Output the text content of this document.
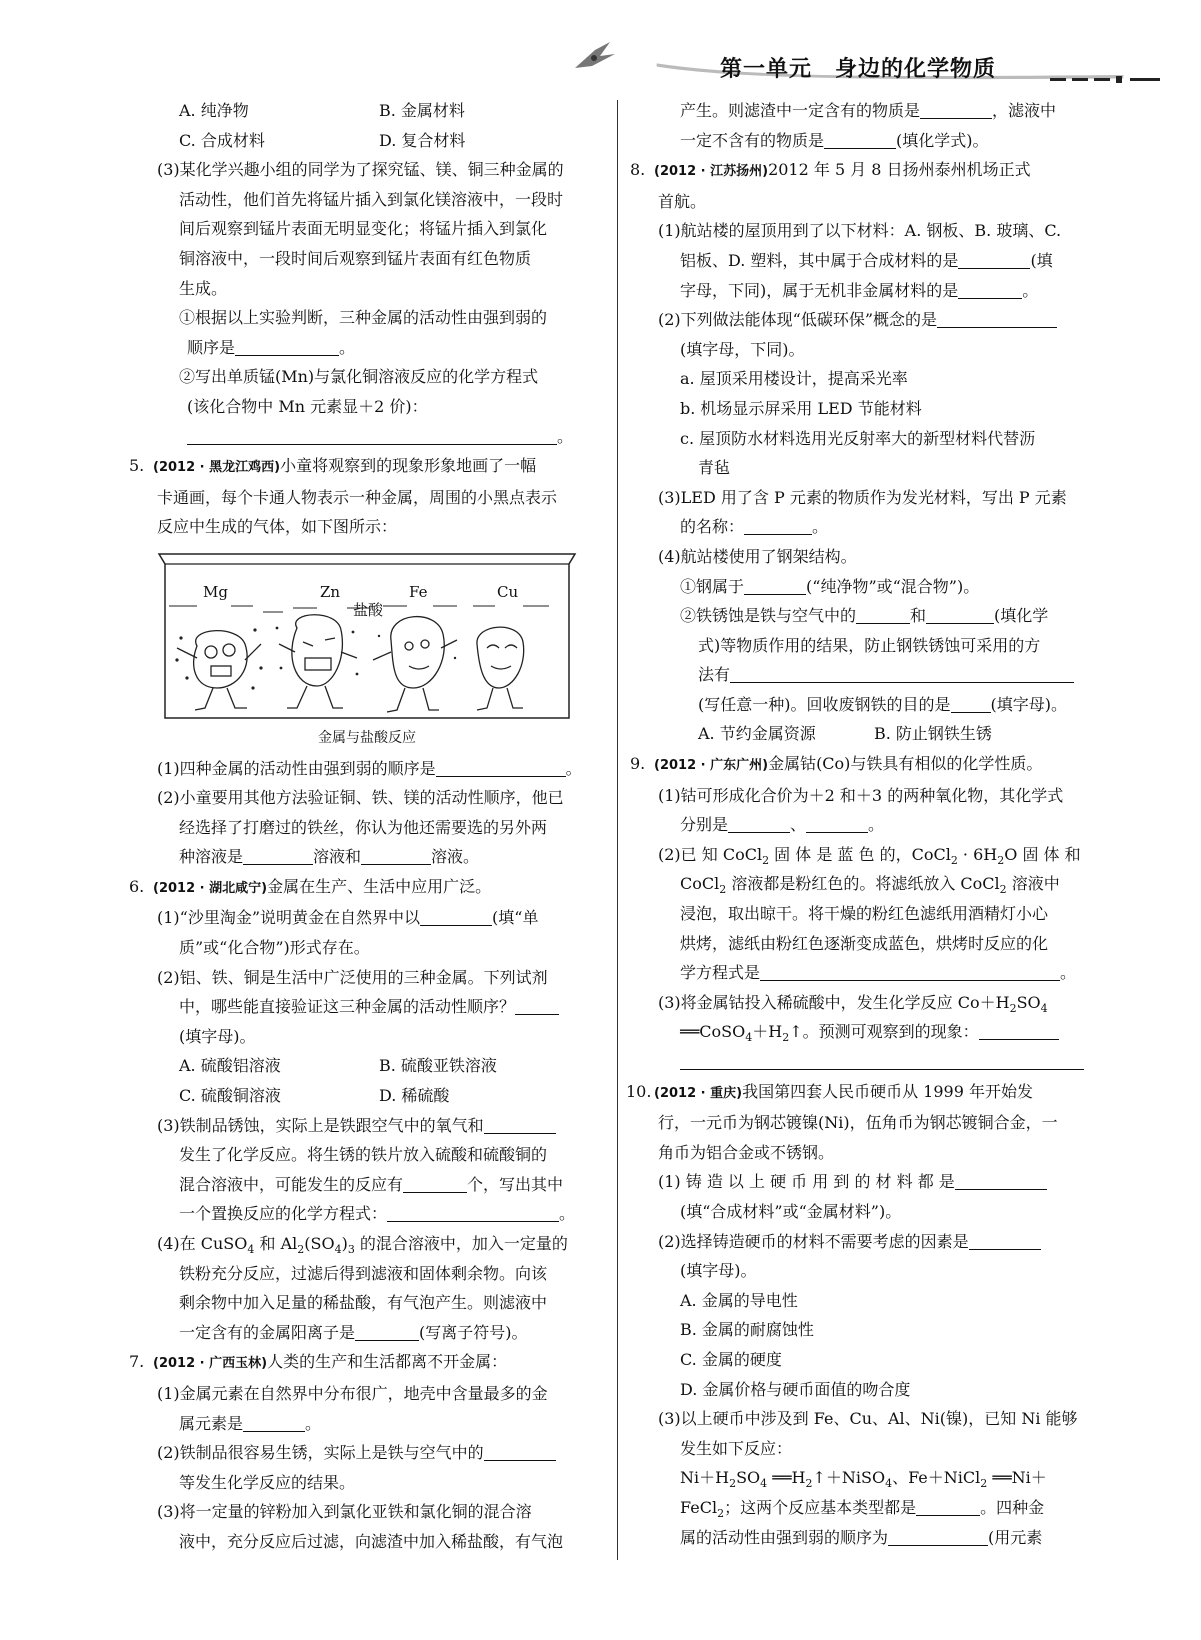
第一单元　身边的化学物质
A. 纯净物	B. 金属材料
C. 合成材料	D. 复合材料
(3)某化学兴趣小组的同学为了探究锰、镁、铜三种金属的
活动性，他们首先将锰片插入到氯化镁溶液中，一段时
间后观察到锰片表面无明显变化；将锰片插入到氯化
铜溶液中，一段时间后观察到锰片表面有红色物质
生成。
①根据以上实验判断，三种金属的活动性由强到弱的
顺序是	。
②写出单质锰(Mn)与氯化铜溶液反应的化学方程式
(该化合物中 Mn 元素显＋2 价)：
。
5. (2012 · 黑龙江鸡西)小童将观察到的现象形象地画了一幅
卡通画，每个卡通人物表示一种金属，周围的小黑点表示
反应中生成的气体，如下图所示：
Mg	Zn	Fe	Cu
盐酸
金属与盐酸反应
(1)四种金属的活动性由强到弱的顺序是	。
(2)小童要用其他方法验证铜、铁、镁的活动性顺序，他已
经选择了打磨过的铁丝，你认为他还需要选的另外两
种溶液是	溶液和	溶液。
6. (2012 · 湖北咸宁)金属在生产、生活中应用广泛。
(1)“沙里淘金”说明黄金在自然界中以	(填“单
质”或“化合物”)形式存在。
(2)铝、铁、铜是生活中广泛使用的三种金属。下列试剂
中，哪些能直接验证这三种金属的活动性顺序？
(填字母)。
A. 硫酸铝溶液	B. 硫酸亚铁溶液
C. 硫酸铜溶液	D. 稀硫酸
(3)铁制品锈蚀，实际上是铁跟空气中的氧气和
发生了化学反应。将生锈的铁片放入硫酸和硫酸铜的
混合溶液中，可能发生的反应有	个，写出其中
一个置换反应的化学方程式：	。
(4)在 CuSO$_4$ 和 $Al_2(SO_4)_3$ 的混合溶液中，加入一定量的
铁粉充分反应，过滤后得到滤液和固体剩余物。向该
剩余物中加入足量的稀盐酸，有气泡产生。则滤液中
一定含有的金属阳离子是	(写离子符号)。
7. (2012 · 广西玉林)人类的生产和生活都离不开金属：
(1)金属元素在自然界中分布很广，地壳中含量最多的金
属元素是	。
(2)铁制品很容易生锈，实际上是铁与空气中的
等发生化学反应的结果。
(3)将一定量的锌粉加入到氯化亚铁和氯化铜的混合溶
液中，充分反应后过滤，向滤渣中加入稀盐酸，有气泡
产生。则滤渣中一定含有的物质是	，滤液中
一定不含有的物质是	(填化学式)。
8. (2012 · 江苏扬州)2012 年 5 月 8 日扬州泰州机场正式
首航。
(1)航站楼的屋顶用到了以下材料：A. 钢板、B. 玻璃、C.
铝板、D. 塑料，其中属于合成材料的是	(填
字母，下同)，属于无机非金属材料的是	。
(2)下列做法能体现“低碳环保”概念的是
(填字母，下同)。
a. 屋顶采用楼设计，提高采光率
b. 机场显示屏采用 LED 节能材料
c. 屋顶防水材料选用光反射率大的新型材料代替沥
青毡
(3)LED 用了含 P 元素的物质作为发光材料，写出 P 元素
的名称：	。
(4)航站楼使用了钢架结构。
①钢属于	(“纯净物”或“混合物”)。
②铁锈蚀是铁与空气中的	和	(填化学
式)等物质作用的结果，防止钢铁锈蚀可采用的方
法有
(写任意一种)。回收废钢铁的目的是	(填字母)。
A. 节约金属资源	B. 防止钢铁生锈
9. (2012 · 广东广州)金属钴(Co)与铁具有相似的化学性质。
(1)钴可形成化合价为＋2 和＋3 的两种氧化物，其化学式
分别是	、	。
(2)已 知 CoCl$_2$ 固 体 是 蓝 色 的，CoCl$_2$ · $6H_2O$ 固 体 和
CoCl$_2$ 溶液都是粉红色的。将滤纸放入 CoCl$_2$ 溶液中
浸泡，取出晾干。将干燥的粉红色滤纸用酒精灯小心
烘烤，滤纸由粉红色逐渐变成蓝色，烘烤时反应的化
学方程式是	。
(3)将金属钴投入稀硫酸中，发生化学反应 $Co+H_2SO_4$
$══CoSO_4+H_2↑$。预测可观察到的现象：
10. (2012 · 重庆)我国第四套人民币硬币从 1999 年开始发
行，一元币为钢芯镀镍(Ni)，伍角币为钢芯镀铜合金，一
角币为铝合金或不锈钢。
(1) 铸 造 以 上 硬 币 用 到 的 材 料 都 是
(填“合成材料”或“金属材料”)。
(2)选择铸造硬币的材料不需要考虑的因素是
(填字母)。
A. 金属的导电性
B. 金属的耐腐蚀性
C. 金属的硬度
D. 金属价格与硬币面值的吻合度
(3)以上硬币中涉及到 Fe、Cu、Al、Ni(镍)，已知 Ni 能够
发生如下反应：
$Ni+H_2SO_4$ $══H_2↑+NiSO_4$、Fe＋NiCl$_2$ ══Ni＋
FeCl$_2$；这两个反应基本类型都是	。四种金
属的活动性由强到弱的顺序为	(用元素
